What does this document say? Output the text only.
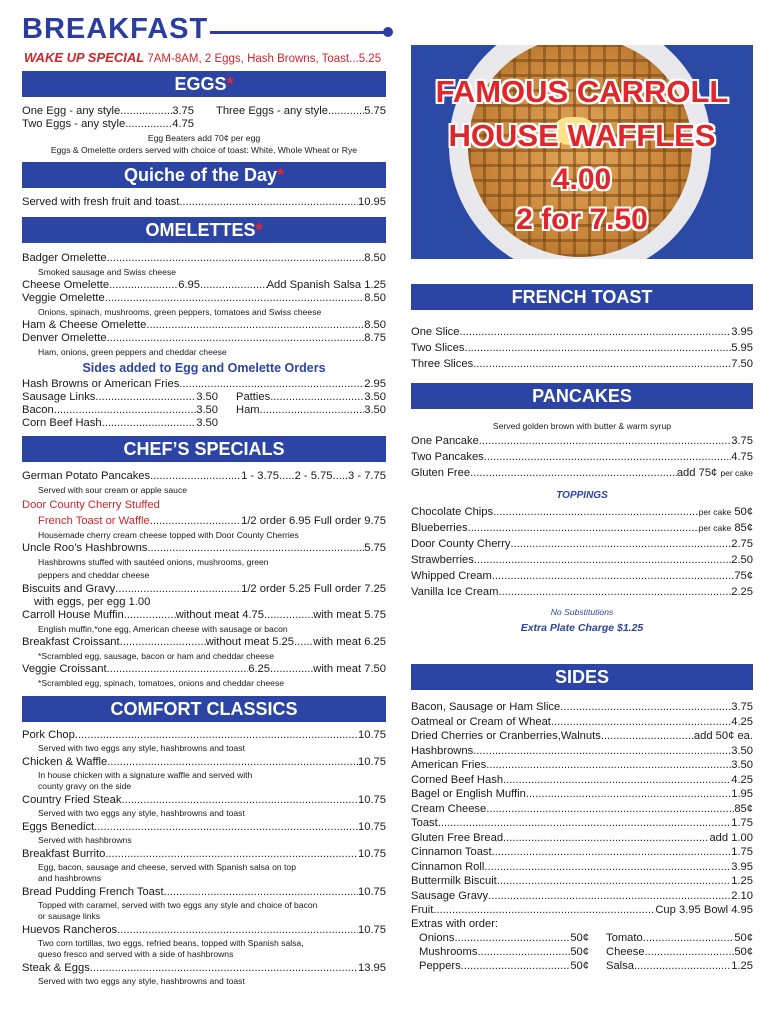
BREAKFAST
WAKE UP SPECIAL 7AM-8AM, 2 Eggs, Hash Browns, Toast...5.25
EGGS*
One Egg - any style .....	3.75 Three Eggs - any style .....	5.75
Two Eggs - any style .....	4.75
Egg Beaters add 70¢ per egg
Eggs & Omelette orders served with choice of toast: White, Whole Wheat or Rye
Quiche of the Day*
Served with fresh fruit and toast .....	10.95
OMELETTES*
Badger Omelette .....	8.50
Smoked sausage and Swiss cheese
Cheese Omelette .....	6.95 .....	Add Spanish Salsa 1.25
Veggie Omelette .....	8.50
Onions, spinach, mushrooms, green peppers, tomatoes and Swiss cheese
Ham & Cheese Omelette .....	8.50
Denver Omelette .....	8.75
Ham, onions, green peppers and cheddar cheese
Sides added to Egg and Omelette Orders
Hash Browns or American Fries .....	2.95
Sausage Links .....	3.50 Patties .....	3.50
Bacon .....	3.50 Ham .....	3.50
Corn Beef Hash .....	3.50
CHEF’S SPECIALS
German Potato Pancakes .....	1 - 3.75.....2 - 5.75.....3 - 7.75
Served with sour cream or apple sauce
Door County Cherry Stuffed
French Toast or Waffle .....	1/2 order 6.95 Full order 9.75
Housemade cherry cream cheese topped with Door County Cherries
Uncle Roo’s Hashbrowns .....	5.75
Hashbrowns stuffed with sautéed onions, mushrooms, green
peppers and cheddar cheese
Biscuits and Gravy .....	1/2 order 5.25 Full order 7.25
with eggs, per egg 1.00
Carroll House Muffin .....	without meat 4.75 .....	with meat 5.75
English muffin,*one egg, American cheese with sausage or bacon
Breakfast Croissant .....	without meat 5.25 ..... with meat 6.25
*Scrambled egg, sausage, bacon or ham and cheddar cheese
Veggie Croissant .....	6.25 .....	with meat 7.50
*Scrambled egg, spinach, tomatoes, onions and cheddar cheese
COMFORT CLASSICS
Pork Chop .....	10.75
Served with two eggs any style, hashbrowns and toast
Chicken & Waffle .....	10.75
In house chicken with a signature waffle and served with
county gravy on the side
Country Fried Steak .....	10.75
Served with two eggs any style, hashbrowns and toast
Eggs Benedict .....	10.75
Served with hashbrowns
Breakfast Burrito .....	10.75
Egg, bacon, sausage and cheese, served with Spanish salsa on top
and hashbrowns
Bread Pudding French Toast .....	10.75
Topped with caramel, served with two eggs any style and choice of bacon
or sausage links
Huevos Rancheros .....	10.75
Two corn tortillas, two eggs, refried beans, topped with Spanish salsa,
queso fresco and served with a side of hashbrowns
Steak & Eggs .....	13.95
Served with two eggs any style, hashbrowns and toast
FAMOUS CARROLL
HOUSE WAFFLES
4.00
2 for 7.50
FRENCH TOAST
One Slice .....	3.95
Two Slices .....	5.95
Three Slices .....	7.50
PANCAKES
Served golden brown with butter & warm syrup
One Pancake .....	3.75
Two Pancakes .....	4.75
Gluten Free .....	add 75¢ per cake
TOPPINGS
Chocolate Chips .....	per cake 50¢
Blueberries .....	per cake 85¢
Door County Cherry .....	2.75
Strawberries .....	2.50
Whipped Cream .....	75¢
Vanilla Ice Cream .....	2.25
No Substitutions
Extra Plate Charge $1.25
SIDES
Bacon, Sausage or Ham Slice .....	3.75
Oatmeal or Cream of Wheat .....	4.25
Dried Cherries or Cranberries,Walnuts .....	add 50¢ ea.
Hashbrowns .....	3.50
American Fries .....	3.50
Corned Beef Hash .....	4.25
Bagel or English Muffin .....	1.95
Cream Cheese .....	85¢
Toast .....	1.75
Gluten Free Bread .....	add 1.00
Cinnamon Toast .....	1.75
Cinnamon Roll .....	3.95
Buttermilk Biscuit .....	1.25
Sausage Gravy .....	2.10
Fruit .....	Cup 3.95 Bowl 4.95
Extras with order:
Onions .....	50¢ Tomato .....	50¢
Mushrooms .....	50¢ Cheese .....	50¢
Peppers .....	50¢ Salsa .....	1.25
